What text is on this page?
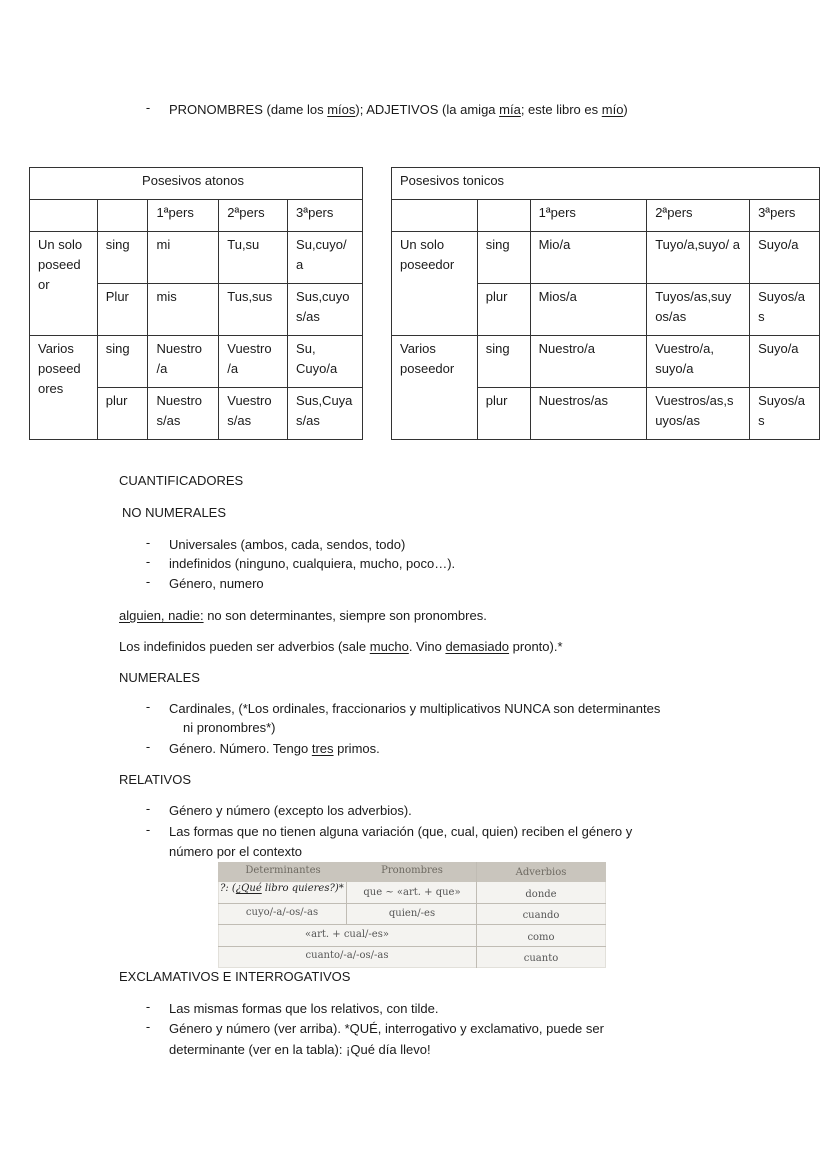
- PRONOMBRES (dame los míos); ADJETIVOS (la amiga mía; este libro es mío)
Posesivos atonos				
		1ªpers	2ªpers	3ªpers
Un solo poseed or	sing	mi	Tu,su	Su,cuyo/ a
	Plur	mis	Tus,sus	Sus,cuyo s/as
Varios poseed ores	sing	Nuestro /a	Vuestro /a	Su, Cuyo/a
	plur	Nuestro s/as	Vuestro s/as	Sus,Cuya s/as
Posesivos tonicos				
		1ªpers	2ªpers	3ªpers
Un solo poseedor	sing	Mio/a	Tuyo/a,suyo/ a	Suyo/a
	plur	Mios/a	Tuyos/as,suy os/as	Suyos/a s
Varios poseedor	sing	Nuestro/a	Vuestro/a, suyo/a	Suyo/a
	plur	Nuestros/as	Vuestros/as,s uyos/as	Suyos/a s
CUANTIFICADORES
NO NUMERALES
- Universales (ambos, cada, sendos, todo)
- indefinidos (ninguno, cualquiera, mucho, poco…).
- Género, numero
alguien, nadie: no son determinantes, siempre son pronombres.
Los indefinidos pueden ser adverbios (sale mucho. Vino demasiado pronto).*
NUMERALES
- Cardinales, (*Los ordinales, fraccionarios y multiplicativos NUNCA son determinantes
ni pronombres*)
- Género. Número. Tengo tres primos.
RELATIVOS
- Género y número (excepto los adverbios).
- Las formas que no tienen alguna variación (que, cual, quien) reciben el género y
número por el contexto
Determinantes	Pronombres	Adverbios
?: (¿Qué libro quieres?)*	que ~ «art. + que»	donde
cuyo/-a/-os/-as	quien/-es	cuando
«art. + cual/-es»	como
cuanto/-a/-os/-as	cuanto
EXCLAMATIVOS E INTERROGATIVOS
- Las mismas formas que los relativos, con tilde.
- Género y número (ver arriba). *QUÉ, interrogativo y exclamativo, puede ser
determinante (ver en la tabla): ¡Qué día llevo!
